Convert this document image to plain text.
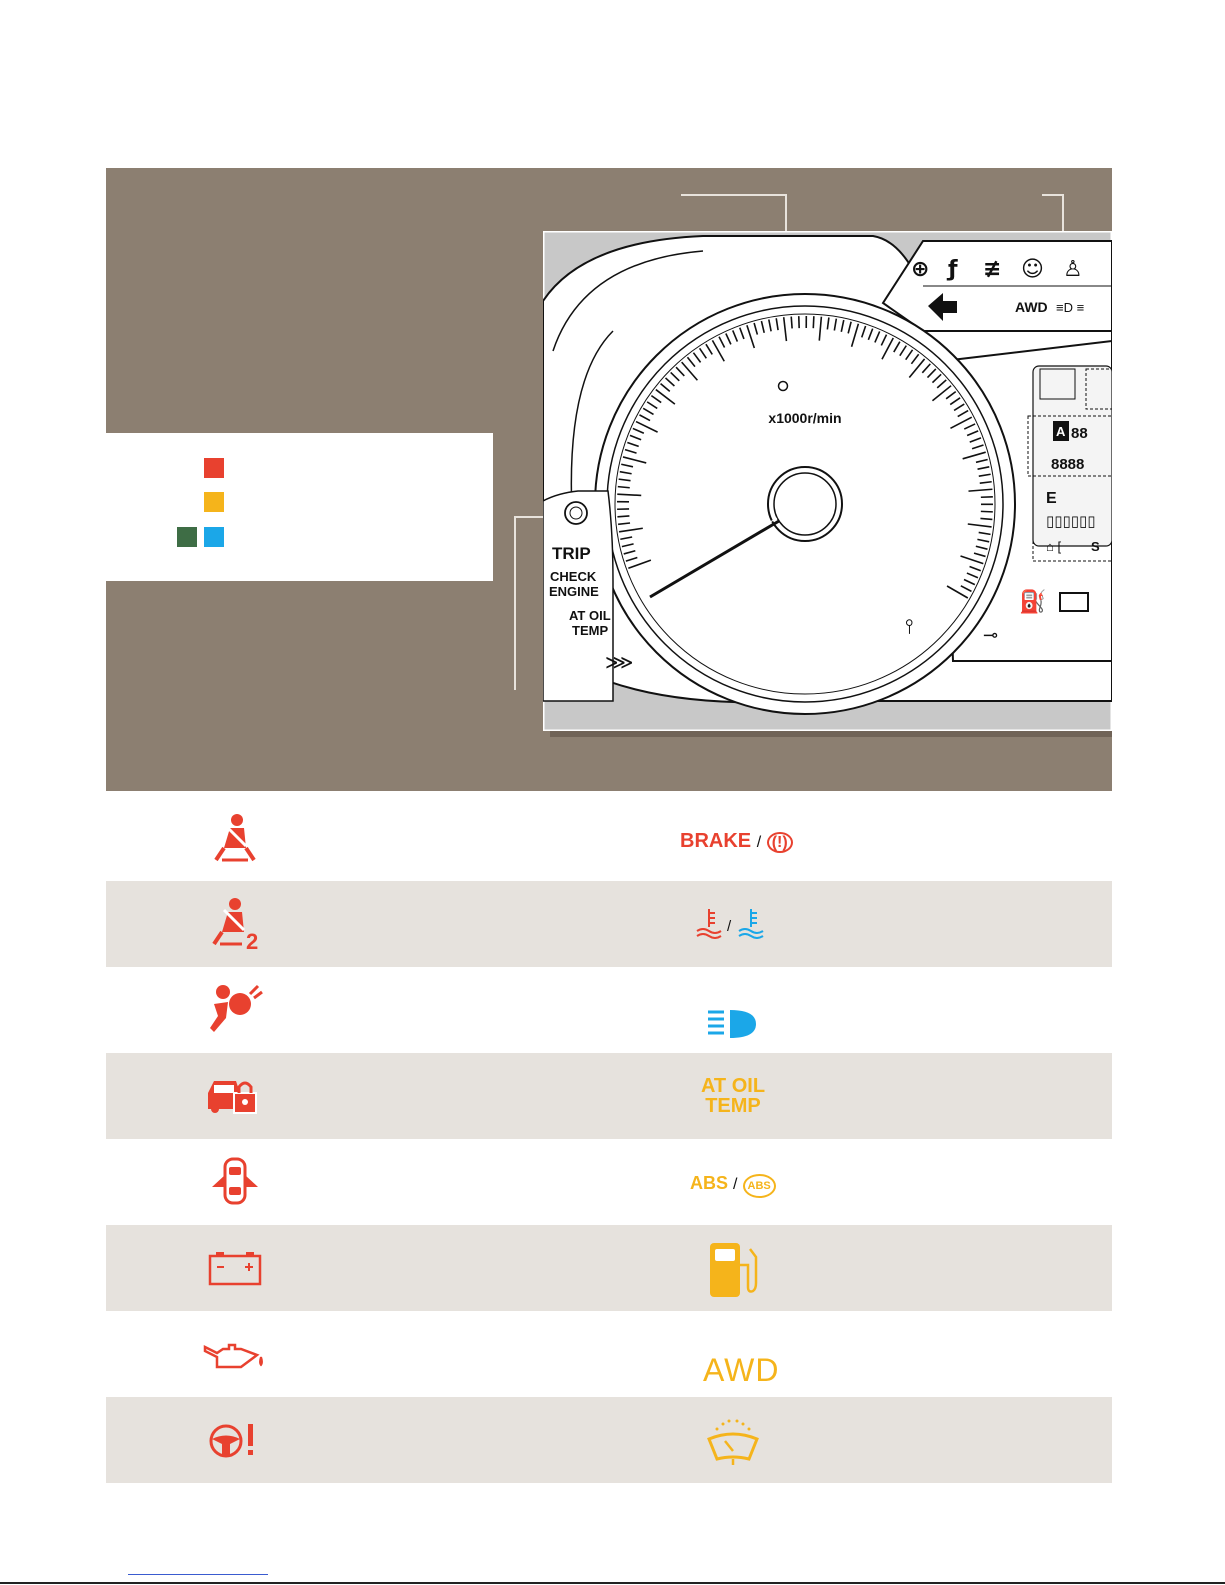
⊕ ƒ ≢ ☺ ♙
AWD ≡D ≡
A 88
8888
E
▯▯▯▯▯▯
⌂ [ S
⛽
⊸
x1000r/min
⫯
TRIP
CHECK
ENGINE
AT OIL
TEMP
⋙
2
BRAKE / (!)
/
AT OIL
TEMP
ABS / ABS
AWD
